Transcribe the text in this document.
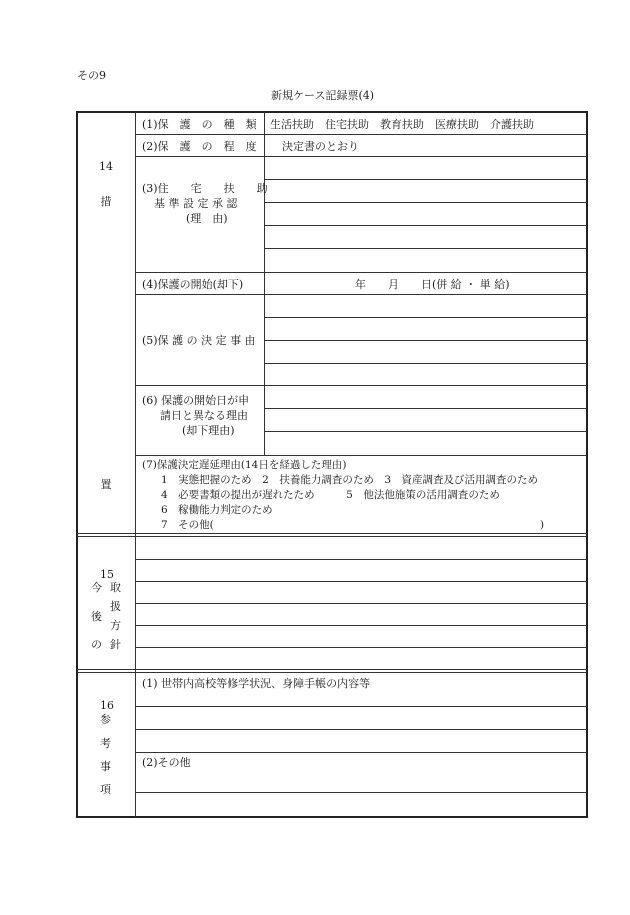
その9
新規ケース記録票(4)
14
措
置
(1)保　護　の　種　類 生活扶助　住宅扶助　教育扶助　医療扶助　介護扶助
(2)保　護　の　程　度 決定書のとおり
(3)住　　宅　　扶　　助
基 準 設 定 承 認
(理　由)
(4)保護の開始(却下)	年　　月　　日(併 給 ・ 単 給)
(5)保 護 の 決 定 事 由
(6) 保護の開始日が申
請日と異なる理由
(却下理由)
(7)保護決定遅延理由(14日を経過した理由)
1　実態把握のため　2　扶養能力調査のため　3　資産調査及び活用調査のため
4　必要書類の提出が遅れたため　　　5　他法他施策の活用調査のため
6　稼働能力判定のため
7　その他(	)
15
今 取
扱
後
方
の 針
16
参
考
事
項
(1) 世帯内高校等修学状況、身障手帳の内容等
(2)その他
